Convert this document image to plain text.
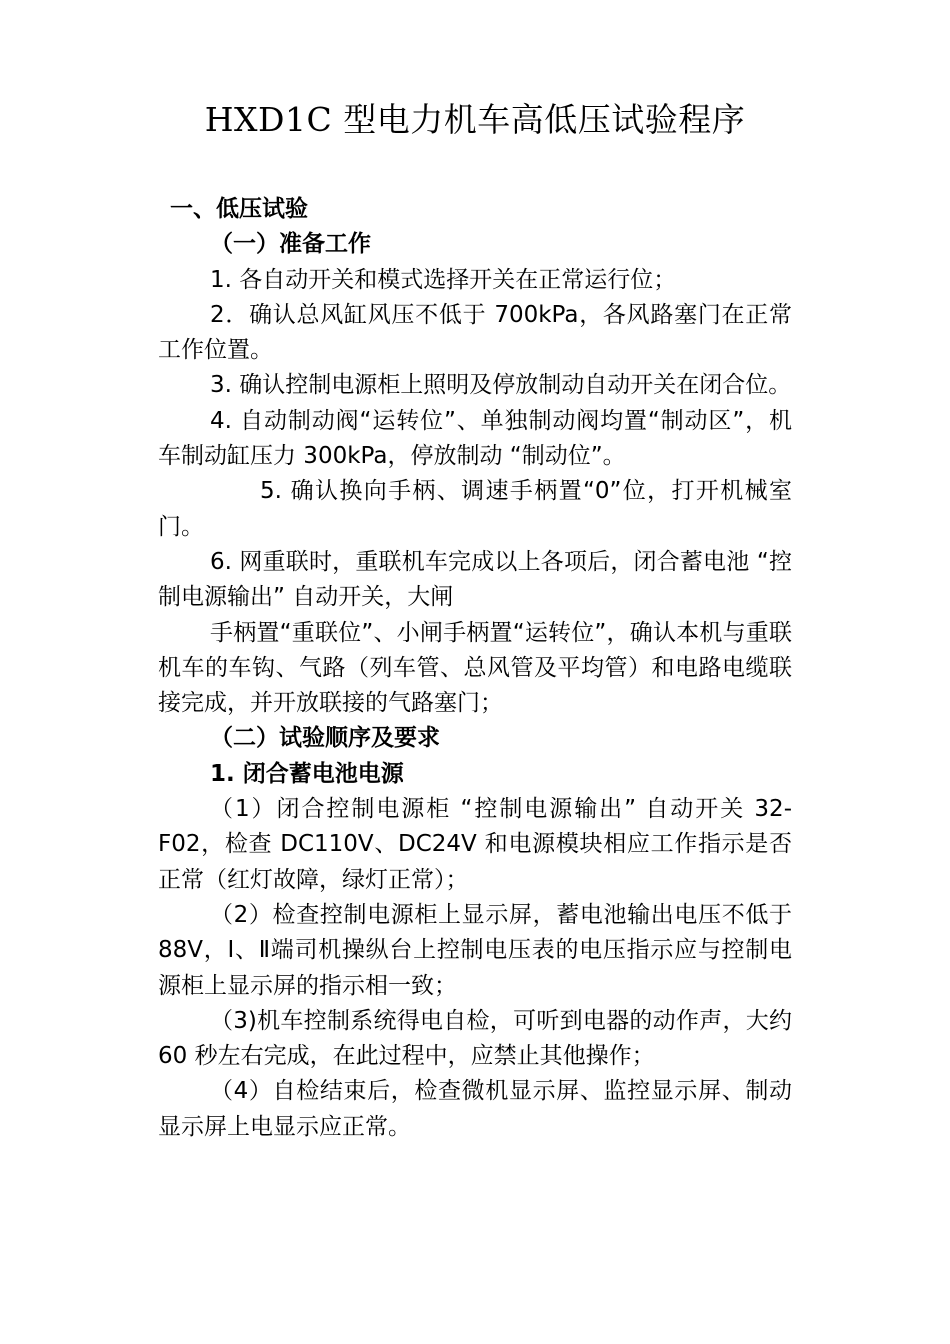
HXD1C 型电力机车高低压试验程序

一、低压试验

（一）准备工作

1. 各自动开关和模式选择开关在正常运行位；

2．确认总风缸风压不低于 700kPa，各风路塞门在正常工作位置。

3. 确认控制电源柜上照明及停放制动自动开关在闭合位。

4. 自动制动阀“运转位”、单独制动阀均置“制动区”，机车制动缸压力 300kPa，停放制动 “制动位”。

5. 确认换向手柄、调速手柄置“0”位，打开机械室门。

6. 网重联时，重联机车完成以上各项后，闭合蓄电池 “控制电源输出” 自动开关，大闸

手柄置“重联位”、小闸手柄置“运转位”，确认本机与重联机车的车钩、气路（列车管、总风管及平均管）和电路电缆联接完成，并开放联接的气路塞门；

（二）试验顺序及要求

1. 闭合蓄电池电源

（1）闭合控制电源柜 “控制电源输出” 自动开关 32-F02，检查 DC110V、DC24V 和电源模块相应工作指示是否正常（红灯故障，绿灯正常）；

（2）检查控制电源柜上显示屏，蓄电池输出电压不低于 88V，Ⅰ、Ⅱ端司机操纵台上控制电压表的电压指示应与控制电源柜上显示屏的指示相一致；

（3)机车控制系统得电自检，可听到电器的动作声，大约 60 秒左右完成，在此过程中，应禁止其他操作；

（4）自检结束后，检查微机显示屏、监控显示屏、制动显示屏上电显示应正常。
